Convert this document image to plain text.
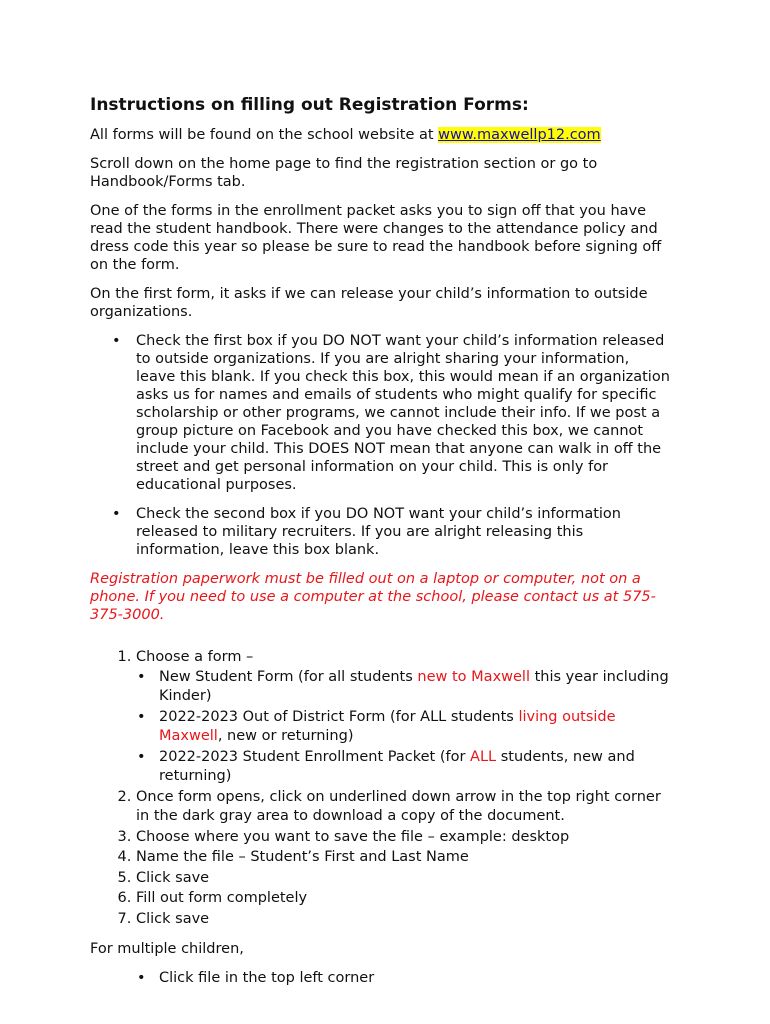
Instructions on filling out Registration Forms:

All forms will be found on the school website at www.maxwellp12.com

Scroll down on the home page to find the registration section or go to Handbook/Forms tab.

One of the forms in the enrollment packet asks you to sign off that you have read the student handbook. There were changes to the attendance policy and dress code this year so please be sure to read the handbook before signing off on the form.

On the first form, it asks if we can release your child’s information to outside organizations.

• Check the first box if you DO NOT want your child’s information released to outside organizations. If you are alright sharing your information, leave this blank. If you check this box, this would mean if an organization asks us for names and emails of students who might qualify for specific scholarship or other programs, we cannot include their info. If we post a group picture on Facebook and you have checked this box, we cannot include your child. This DOES NOT mean that anyone can walk in off the street and get personal information on your child. This is only for educational purposes.
• Check the second box if you DO NOT want your child’s information released to military recruiters. If you are alright releasing this information, leave this box blank.

Registration paperwork must be filled out on a laptop or computer, not on a phone. If you need to use a computer at the school, please contact us at 575-375-3000.

1. Choose a form –
• New Student Form (for all students new to Maxwell this year including Kinder)
• 2022-2023 Out of District Form (for ALL students living outside Maxwell, new or returning)
• 2022-2023 Student Enrollment Packet (for ALL students, new and returning)
2. Once form opens, click on underlined down arrow in the top right corner in the dark gray area to download a copy of the document.
3. Choose where you want to save the file – example: desktop
4. Name the file – Student’s First and Last Name
5. Click save
6. Fill out form completely
7. Click save

For multiple children,

• Click file in the top left corner
